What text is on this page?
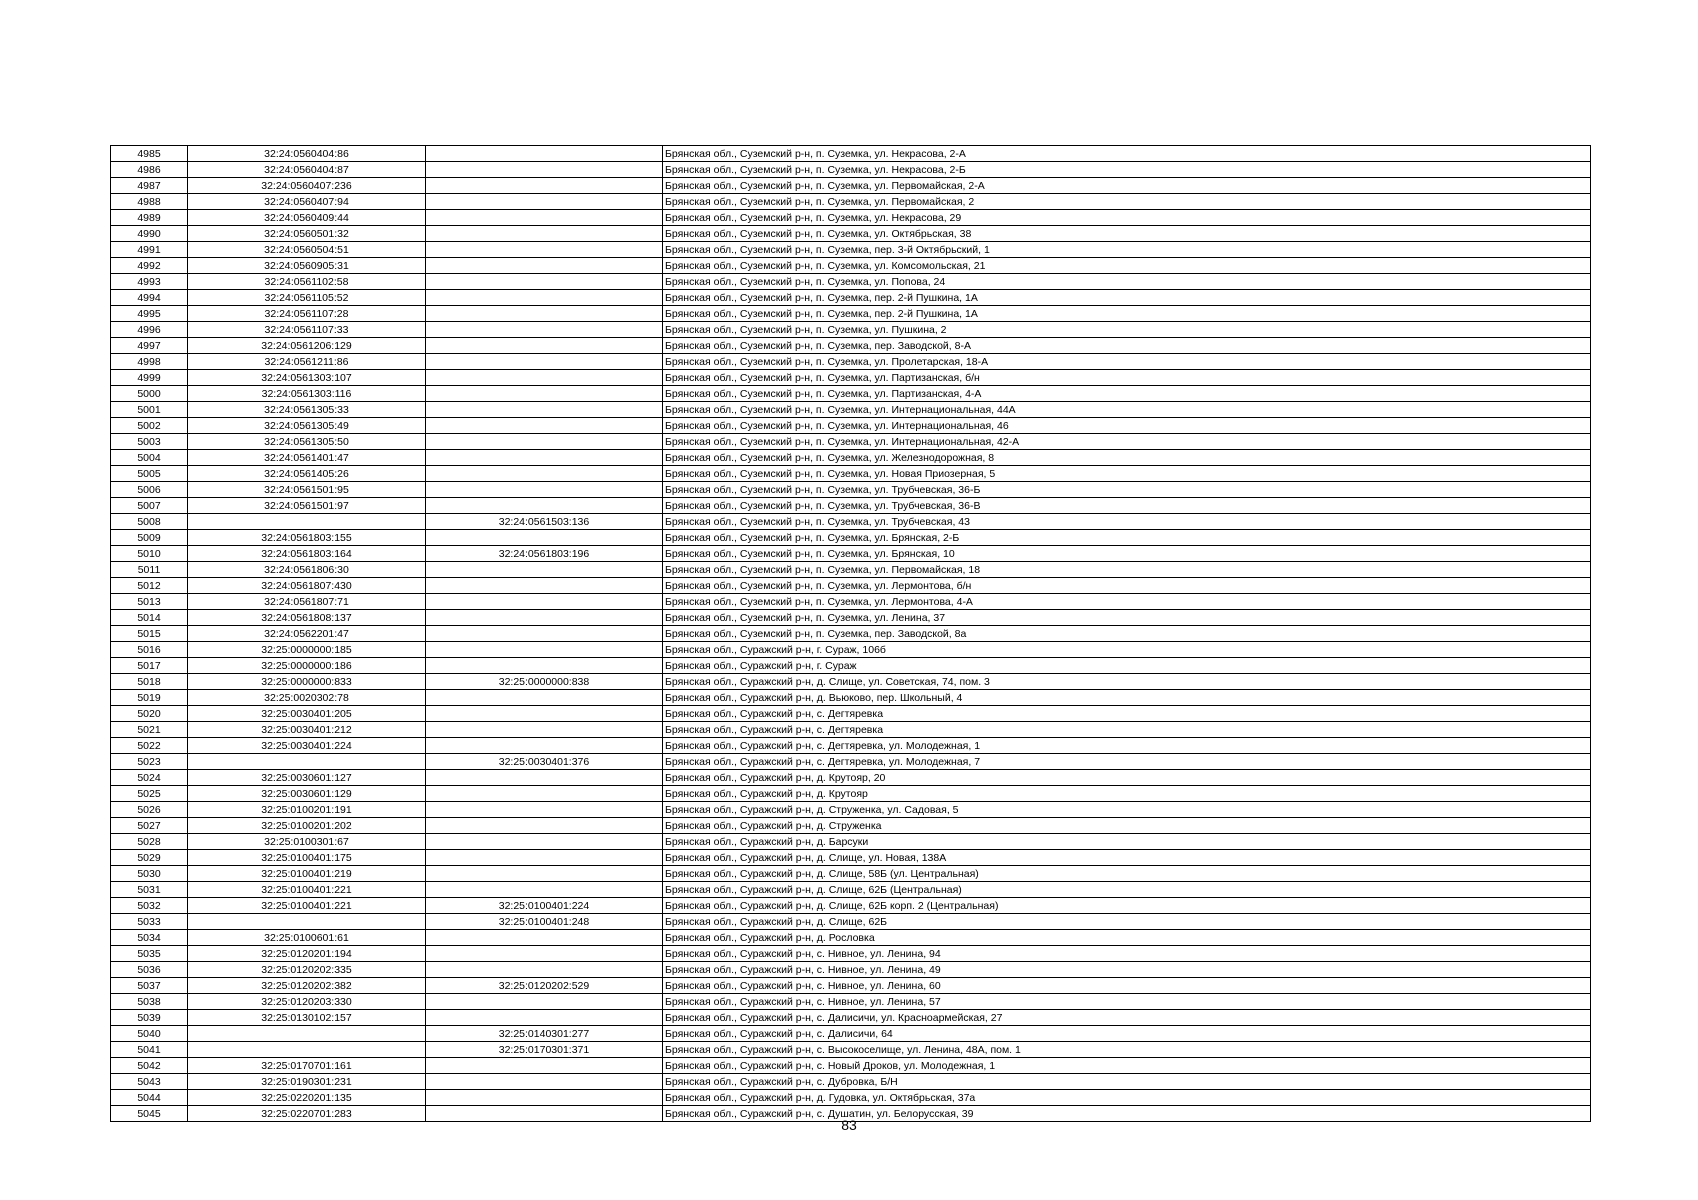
4985	32:24:0560404:86		Брянская обл., Суземский р-н, п. Суземка, ул. Некрасова, 2-А
4986	32:24:0560404:87		Брянская обл., Суземский р-н, п. Суземка, ул. Некрасова, 2-Б
4987	32:24:0560407:236		Брянская обл., Суземский р-н, п. Суземка, ул. Первомайская, 2-А
4988	32:24:0560407:94		Брянская обл., Суземский р-н, п. Суземка, ул. Первомайская, 2
4989	32:24:0560409:44		Брянская обл., Суземский р-н, п. Суземка, ул. Некрасова, 29
4990	32:24:0560501:32		Брянская обл., Суземский р-н, п. Суземка, ул. Октябрьская, 38
4991	32:24:0560504:51		Брянская обл., Суземский р-н, п. Суземка, пер. 3-й Октябрьский, 1
4992	32:24:0560905:31		Брянская обл., Суземский р-н, п. Суземка, ул. Комсомольская, 21
4993	32:24:0561102:58		Брянская обл., Суземский р-н, п. Суземка, ул. Попова, 24
4994	32:24:0561105:52		Брянская обл., Суземский р-н, п. Суземка, пер. 2-й Пушкина, 1А
4995	32:24:0561107:28		Брянская обл., Суземский р-н, п. Суземка, пер. 2-й Пушкина, 1А
4996	32:24:0561107:33		Брянская обл., Суземский р-н, п. Суземка, ул. Пушкина, 2
4997	32:24:0561206:129		Брянская обл., Суземский р-н, п. Суземка, пер. Заводской, 8-А
4998	32:24:0561211:86		Брянская обл., Суземский р-н, п. Суземка, ул. Пролетарская, 18-А
4999	32:24:0561303:107		Брянская обл., Суземский р-н, п. Суземка, ул. Партизанская, б/н
5000	32:24:0561303:116		Брянская обл., Суземский р-н, п. Суземка, ул. Партизанская, 4-А
5001	32:24:0561305:33		Брянская обл., Суземский р-н, п. Суземка, ул. Интернациональная, 44А
5002	32:24:0561305:49		Брянская обл., Суземский р-н, п. Суземка, ул. Интернациональная, 46
5003	32:24:0561305:50		Брянская обл., Суземский р-н, п. Суземка, ул. Интернациональная, 42-А
5004	32:24:0561401:47		Брянская обл., Суземский р-н, п. Суземка, ул. Железнодорожная, 8
5005	32:24:0561405:26		Брянская обл., Суземский р-н, п. Суземка, ул. Новая Приозерная, 5
5006	32:24:0561501:95		Брянская обл., Суземский р-н, п. Суземка, ул. Трубчевская, 36-Б
5007	32:24:0561501:97		Брянская обл., Суземский р-н, п. Суземка, ул. Трубчевская, 36-В
5008		32:24:0561503:136	Брянская обл., Суземский р-н, п. Суземка, ул. Трубчевская, 43
5009	32:24:0561803:155		Брянская обл., Суземский р-н, п. Суземка, ул. Брянская, 2-Б
5010	32:24:0561803:164	32:24:0561803:196	Брянская обл., Суземский р-н, п. Суземка, ул. Брянская, 10
5011	32:24:0561806:30		Брянская обл., Суземский р-н, п. Суземка, ул. Первомайская, 18
5012	32:24:0561807:430		Брянская обл., Суземский р-н, п. Суземка, ул. Лермонтова, б/н
5013	32:24:0561807:71		Брянская обл., Суземский р-н, п. Суземка, ул. Лермонтова, 4-А
5014	32:24:0561808:137		Брянская обл., Суземский р-н, п. Суземка, ул. Ленина, 37
5015	32:24:0562201:47		Брянская обл., Суземский р-н, п. Суземка, пер. Заводской, 8а
5016	32:25:0000000:185		Брянская обл., Суражский р-н, г. Сураж, 106б
5017	32:25:0000000:186		Брянская обл., Суражский р-н, г. Сураж
5018	32:25:0000000:833	32:25:0000000:838	Брянская обл., Суражский р-н, д. Слище, ул. Советская, 74, пом. 3
5019	32:25:0020302:78		Брянская обл., Суражский р-н, д. Вьюково, пер. Школьный, 4
5020	32:25:0030401:205		Брянская обл., Суражский р-н, с. Дегтяревка
5021	32:25:0030401:212		Брянская обл., Суражский р-н, с. Дегтяревка
5022	32:25:0030401:224		Брянская обл., Суражский р-н, с. Дегтяревка, ул. Молодежная, 1
5023		32:25:0030401:376	Брянская обл., Суражский р-н, с. Дегтяревка, ул. Молодежная, 7
5024	32:25:0030601:127		Брянская обл., Суражский р-н, д. Крутояр, 20
5025	32:25:0030601:129		Брянская обл., Суражский р-н, д. Крутояр
5026	32:25:0100201:191		Брянская обл., Суражский р-н, д. Струженка, ул. Садовая, 5
5027	32:25:0100201:202		Брянская обл., Суражский р-н, д. Струженка
5028	32:25:0100301:67		Брянская обл., Суражский р-н, д. Барсуки
5029	32:25:0100401:175		Брянская обл., Суражский р-н, д. Слище, ул. Новая, 138А
5030	32:25:0100401:219		Брянская обл., Суражский р-н, д. Слище, 58Б (ул. Центральная)
5031	32:25:0100401:221		Брянская обл., Суражский р-н, д. Слище, 62Б (Центральная)
5032	32:25:0100401:221	32:25:0100401:224	Брянская обл., Суражский р-н, д. Слище, 62Б корп. 2 (Центральная)
5033		32:25:0100401:248	Брянская обл., Суражский р-н, д. Слище, 62Б
5034	32:25:0100601:61		Брянская обл., Суражский р-н, д. Рословка
5035	32:25:0120201:194		Брянская обл., Суражский р-н, с. Нивное, ул. Ленина, 94
5036	32:25:0120202:335		Брянская обл., Суражский р-н, с. Нивное, ул. Ленина, 49
5037	32:25:0120202:382	32:25:0120202:529	Брянская обл., Суражский р-н, с. Нивное, ул. Ленина, 60
5038	32:25:0120203:330		Брянская обл., Суражский р-н, с. Нивное, ул. Ленина, 57
5039	32:25:0130102:157		Брянская обл., Суражский р-н, с. Далисичи, ул. Красноармейская, 27
5040		32:25:0140301:277	Брянская обл., Суражский р-н, с. Далисичи, 64
5041		32:25:0170301:371	Брянская обл., Суражский р-н, с. Высокоселище, ул. Ленина, 48А, пом. 1
5042	32:25:0170701:161		Брянская обл., Суражский р-н, с. Новый Дроков, ул. Молодежная, 1
5043	32:25:0190301:231		Брянская обл., Суражский р-н, с. Дубровка, Б/Н
5044	32:25:0220201:135		Брянская обл., Суражский р-н, д. Гудовка, ул. Октябрьская, 37а
5045	32:25:0220701:283		Брянская обл., Суражский р-н, с. Душатин, ул. Белорусская, 39
83
